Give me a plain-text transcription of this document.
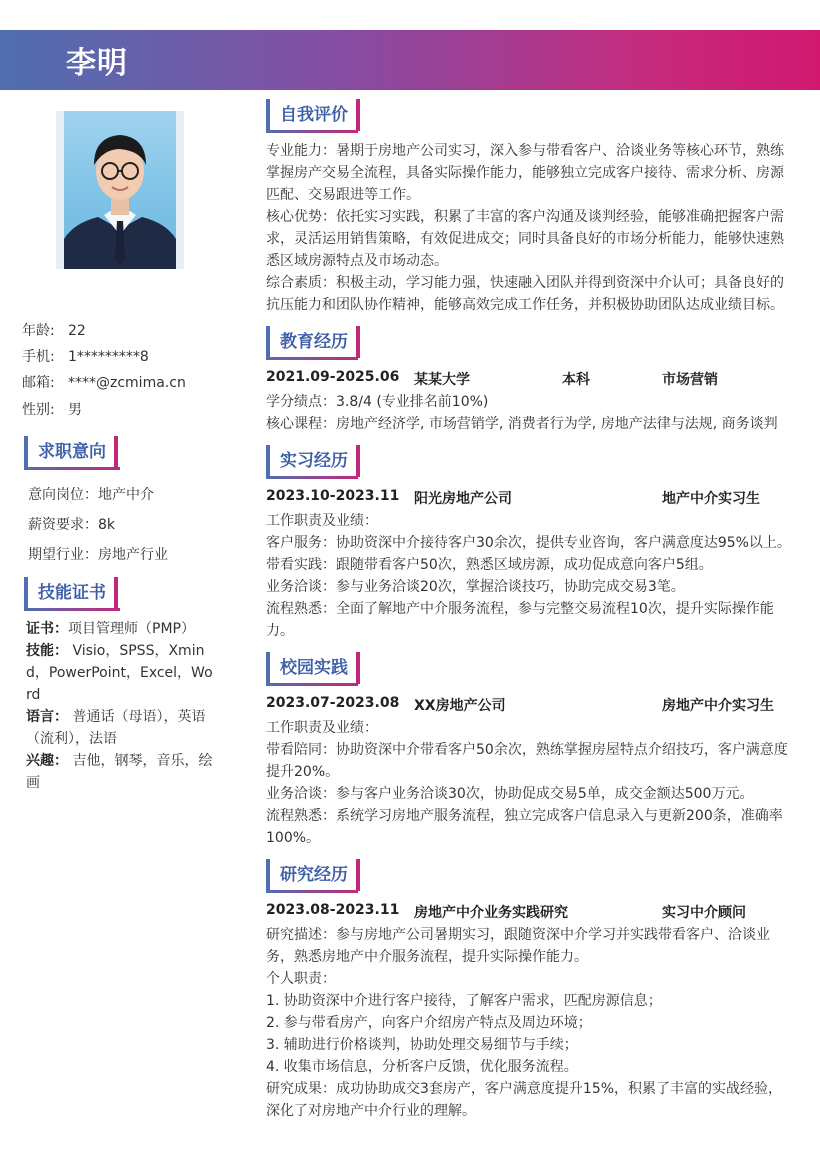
李明
年龄: 22
手机: 1*********8
邮箱: ****@zcmima.cn
性别: 男
求职意向
意向岗位：地产中介
薪资要求：8k
期望行业：房地产行业
技能证书
证书：项目管理师（PMP）
技能： Visio，SPSS，Xmind，PowerPoint，Excel，Word
语言： 普通话（母语），英语（流利），法语
兴趣： 吉他，钢琴，音乐，绘画
自我评价
专业能力：暑期于房地产公司实习，深入参与带看客户、洽谈业务等核心环节，熟练掌握房产交易全流程，具备实际操作能力，能够独立完成客户接待、需求分析、房源匹配、交易跟进等工作。
核心优势：依托实习实践，积累了丰富的客户沟通及谈判经验，能够准确把握客户需求，灵活运用销售策略，有效促进成交；同时具备良好的市场分析能力，能够快速熟悉区域房源特点及市场动态。
综合素质：积极主动，学习能力强，快速融入团队并得到资深中介认可；具备良好的抗压能力和团队协作精神，能够高效完成工作任务，并积极协助团队达成业绩目标。
教育经历
2021.09-2025.06 某某大学	本科	市场营销
学分绩点：3.8/4 (专业排名前10%)
核心课程：房地产经济学, 市场营销学, 消费者行为学, 房地产法律与法规, 商务谈判
实习经历
2023.10-2023.11 阳光房地产公司	地产中介实习生
工作职责及业绩：
客户服务：协助资深中介接待客户30余次，提供专业咨询，客户满意度达95%以上。
带看实践：跟随带看客户50次，熟悉区域房源，成功促成意向客户5组。
业务洽谈：参与业务洽谈20次，掌握洽谈技巧，协助完成交易3笔。
流程熟悉：全面了解地产中介服务流程，参与完整交易流程10次，提升实际操作能力。
校园实践
2023.07-2023.08 XX房地产公司	房地产中介实习生
工作职责及业绩：
带看陪同：协助资深中介带看客户50余次，熟练掌握房屋特点介绍技巧，客户满意度提升20%。
业务洽谈：参与客户业务洽谈30次，协助促成交易5单，成交金额达500万元。
流程熟悉：系统学习房地产服务流程，独立完成客户信息录入与更新200条，准确率100%。
研究经历
2023.08-2023.11 房地产中介业务实践研究	实习中介顾问
研究描述：参与房地产公司暑期实习，跟随资深中介学习并实践带看客户、洽谈业务，熟悉房地产中介服务流程，提升实际操作能力。
个人职责：
1. 协助资深中介进行客户接待，了解客户需求，匹配房源信息；
2. 参与带看房产，向客户介绍房产特点及周边环境；
3. 辅助进行价格谈判，协助处理交易细节与手续；
4. 收集市场信息，分析客户反馈，优化服务流程。
研究成果：成功协助成交3套房产，客户满意度提升15%，积累了丰富的实战经验，深化了对房地产中介行业的理解。
